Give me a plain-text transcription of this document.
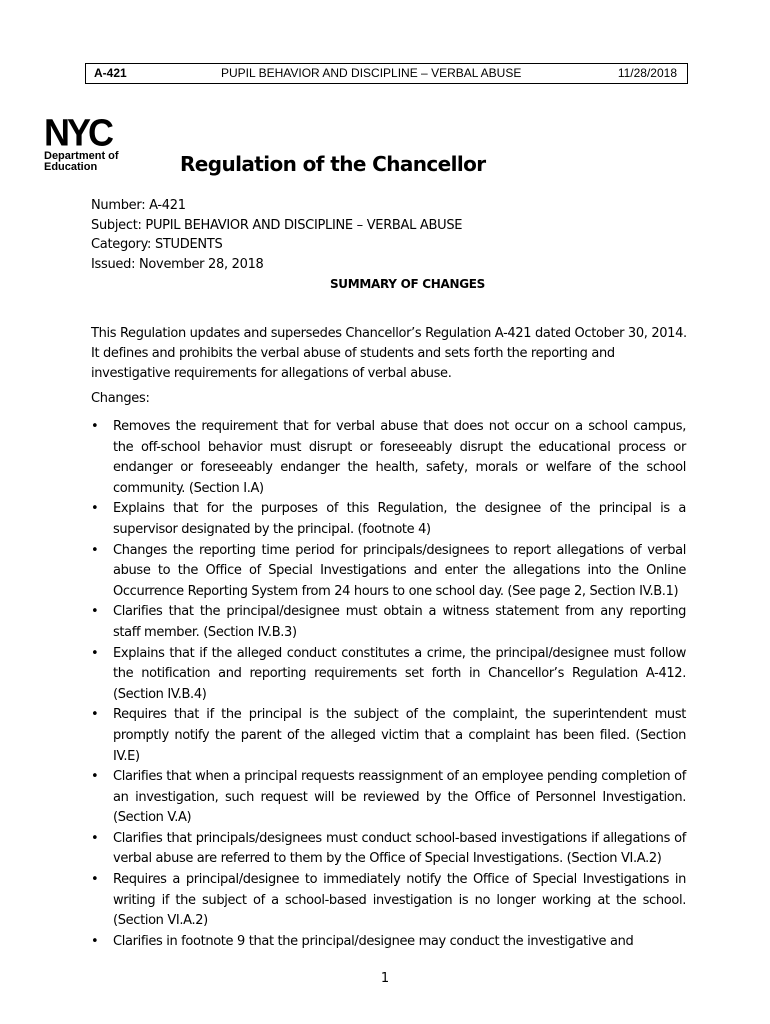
A-421	PUPIL BEHAVIOR AND DISCIPLINE – VERBAL ABUSE	11/28/2018
NYC
Department of
Education	Regulation of the Chancellor
Number: A-421
Subject: PUPIL BEHAVIOR AND DISCIPLINE – VERBAL ABUSE
Category: STUDENTS
Issued: November 28, 2018
SUMMARY OF CHANGES
This Regulation updates and supersedes Chancellor’s Regulation A-421 dated October 30, 2014.
It defines and prohibits the verbal abuse of students and sets forth the reporting and
investigative requirements for allegations of verbal abuse.
Changes:
• Removes the requirement that for verbal abuse that does not occur on a school campus, the off-school behavior must disrupt or foreseeably disrupt the educational process or endanger or foreseeably endanger the health, safety, morals or welfare of the school community. (Section I.A)
• Explains that for the purposes of this Regulation, the designee of the principal is a supervisor designated by the principal. (footnote 4)
• Changes the reporting time period for principals/designees to report allegations of verbal abuse to the Office of Special Investigations and enter the allegations into the Online Occurrence Reporting System from 24 hours to one school day. (See page 2, Section IV.B.1)
• Clarifies that the principal/designee must obtain a witness statement from any reporting staff member. (Section IV.B.3)
• Explains that if the alleged conduct constitutes a crime, the principal/designee must follow the notification and reporting requirements set forth in Chancellor’s Regulation A-412. (Section IV.B.4)
• Requires that if the principal is the subject of the complaint, the superintendent must promptly notify the parent of the alleged victim that a complaint has been filed. (Section IV.E)
• Clarifies that when a principal requests reassignment of an employee pending completion of an investigation, such request will be reviewed by the Office of Personnel Investigation. (Section V.A)
• Clarifies that principals/designees must conduct school-based investigations if allegations of verbal abuse are referred to them by the Office of Special Investigations. (Section VI.A.2)
• Requires a principal/designee to immediately notify the Office of Special Investigations in writing if the subject of a school-based investigation is no longer working at the school. (Section VI.A.2)
• Clarifies in footnote 9 that the principal/designee may conduct the investigative and
1
